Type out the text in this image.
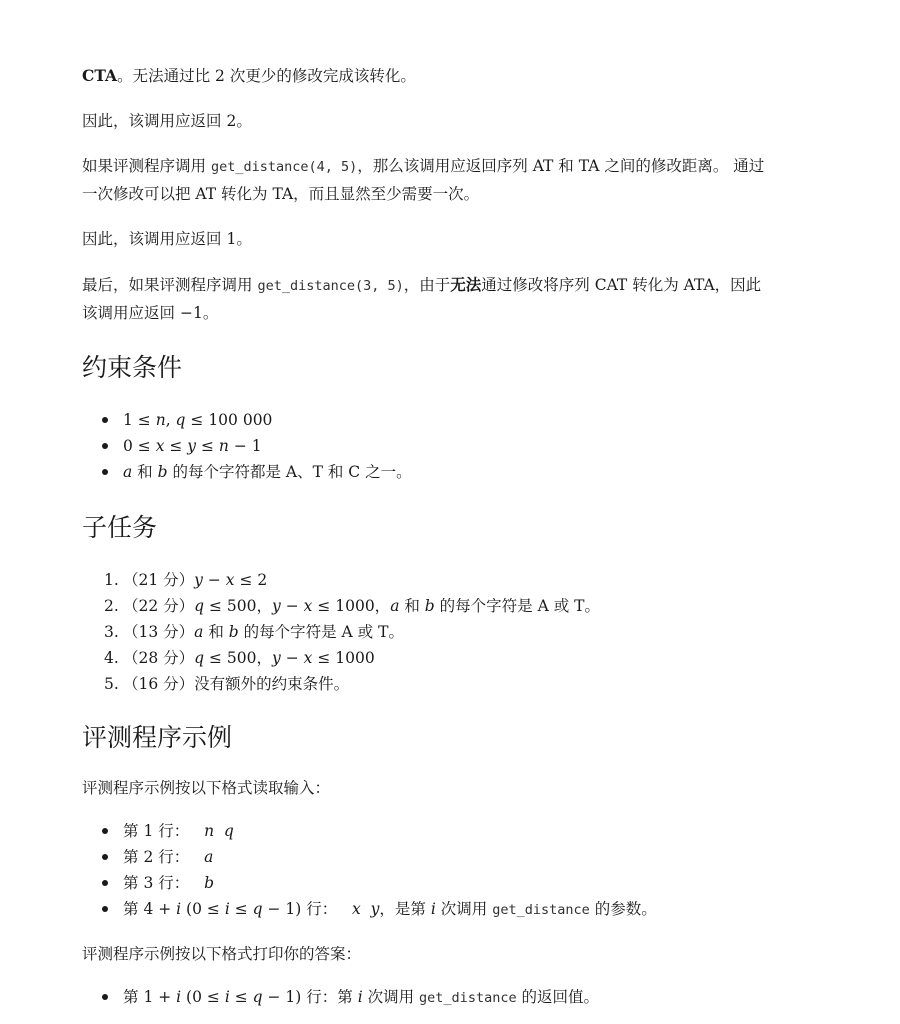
CTA。无法通过比 2 次更少的修改完成该转化。

因此，该调用应返回 2。

如果评测程序调用 get_distance(4, 5)，那么该调用应返回序列 AT 和 TA 之间的修改距离。 通过
一次修改可以把 AT 转化为 TA，而且显然至少需要一次。

因此，该调用应返回 1。

最后，如果评测程序调用 get_distance(3, 5)，由于无法通过修改将序列 CAT 转化为 ATA，因此
该调用应返回 −1。

约束条件
1 ≤ n, q ≤ 100 000
0 ≤ x ≤ y ≤ n − 1
a 和 b 的每个字符都是 A、T 和 C 之一。
子任务
1. （21 分）y − x ≤ 2
2. （22 分）q ≤ 500，y − x ≤ 1000，a 和 b 的每个字符是 A 或 T。
3. （13 分）a 和 b 的每个字符是 A 或 T。
4. （28 分）q ≤ 500，y − x ≤ 1000
5. （16 分）没有额外的约束条件。
评测程序示例

评测程序示例按以下格式读取输入：

第 1 行： n q
第 2 行： a
第 3 行： b
第 4 + i (0 ≤ i ≤ q − 1) 行： x y，是第 i 次调用 get_distance 的参数。

评测程序示例按以下格式打印你的答案：

第 1 + i (0 ≤ i ≤ q − 1) 行：第 i 次调用 get_distance 的返回值。
